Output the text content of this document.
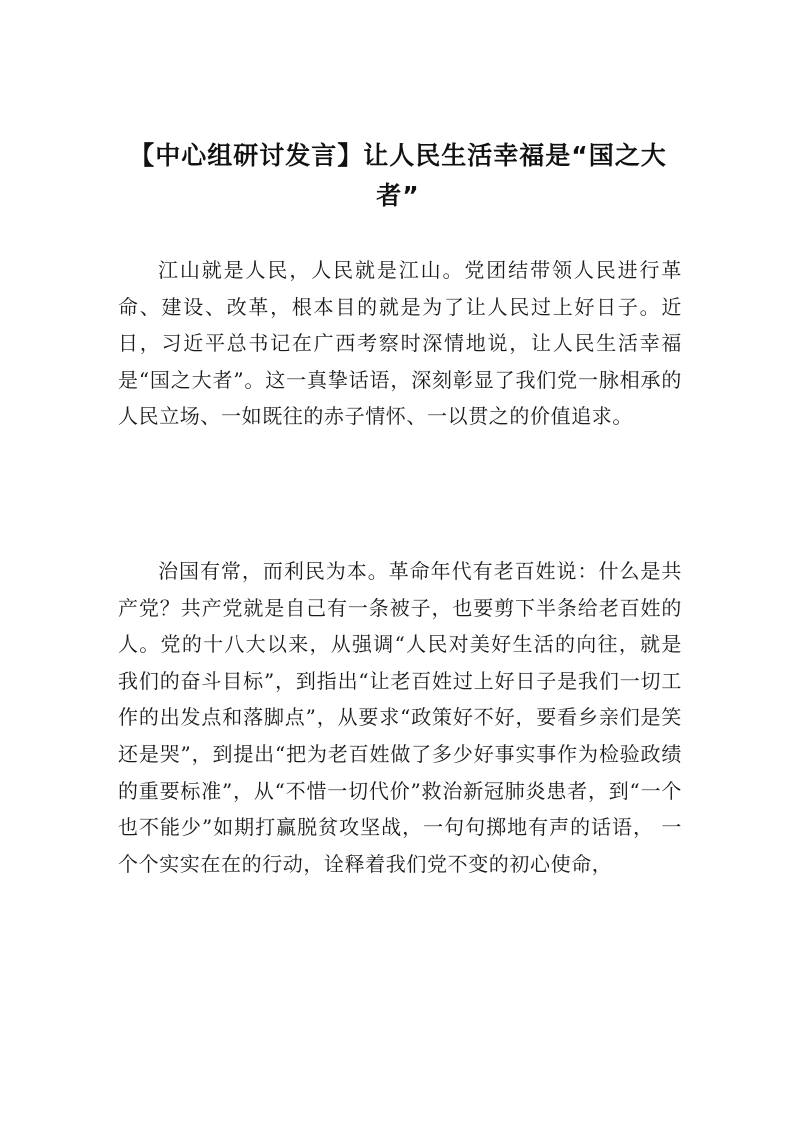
【中心组研讨发言】让人民生活幸福是“国之大者”

江山就是人民，人民就是江山。党团结带领人民进行革命、建设、改革，根本目的就是为了让人民过上好日子。近日，习近平总书记在广西考察时深情地说，让人民生活幸福是“国之大者”。这一真挚话语，深刻彰显了我们党一脉相承的人民立场、一如既往的赤子情怀、一以贯之的价值追求。

治国有常，而利民为本。革命年代有老百姓说：什么是共产党？共产党就是自己有一条被子，也要剪下半条给老百姓的人。党的十八大以来，从强调“人民对美好生活的向往，就是我们的奋斗目标”，到指出“让老百姓过上好日子是我们一切工作的出发点和落脚点”，从要求“政策好不好，要看乡亲们是笑还是哭”，到提出“把为老百姓做了多少好事实事作为检验政绩的重要标准”，从“不惜一切代价”救治新冠肺炎患者，到“一个也不能少”如期打赢脱贫攻坚战，一句句掷地有声的话语， 一个个实实在在的行动，诠释着我们党不变的初心使命，
